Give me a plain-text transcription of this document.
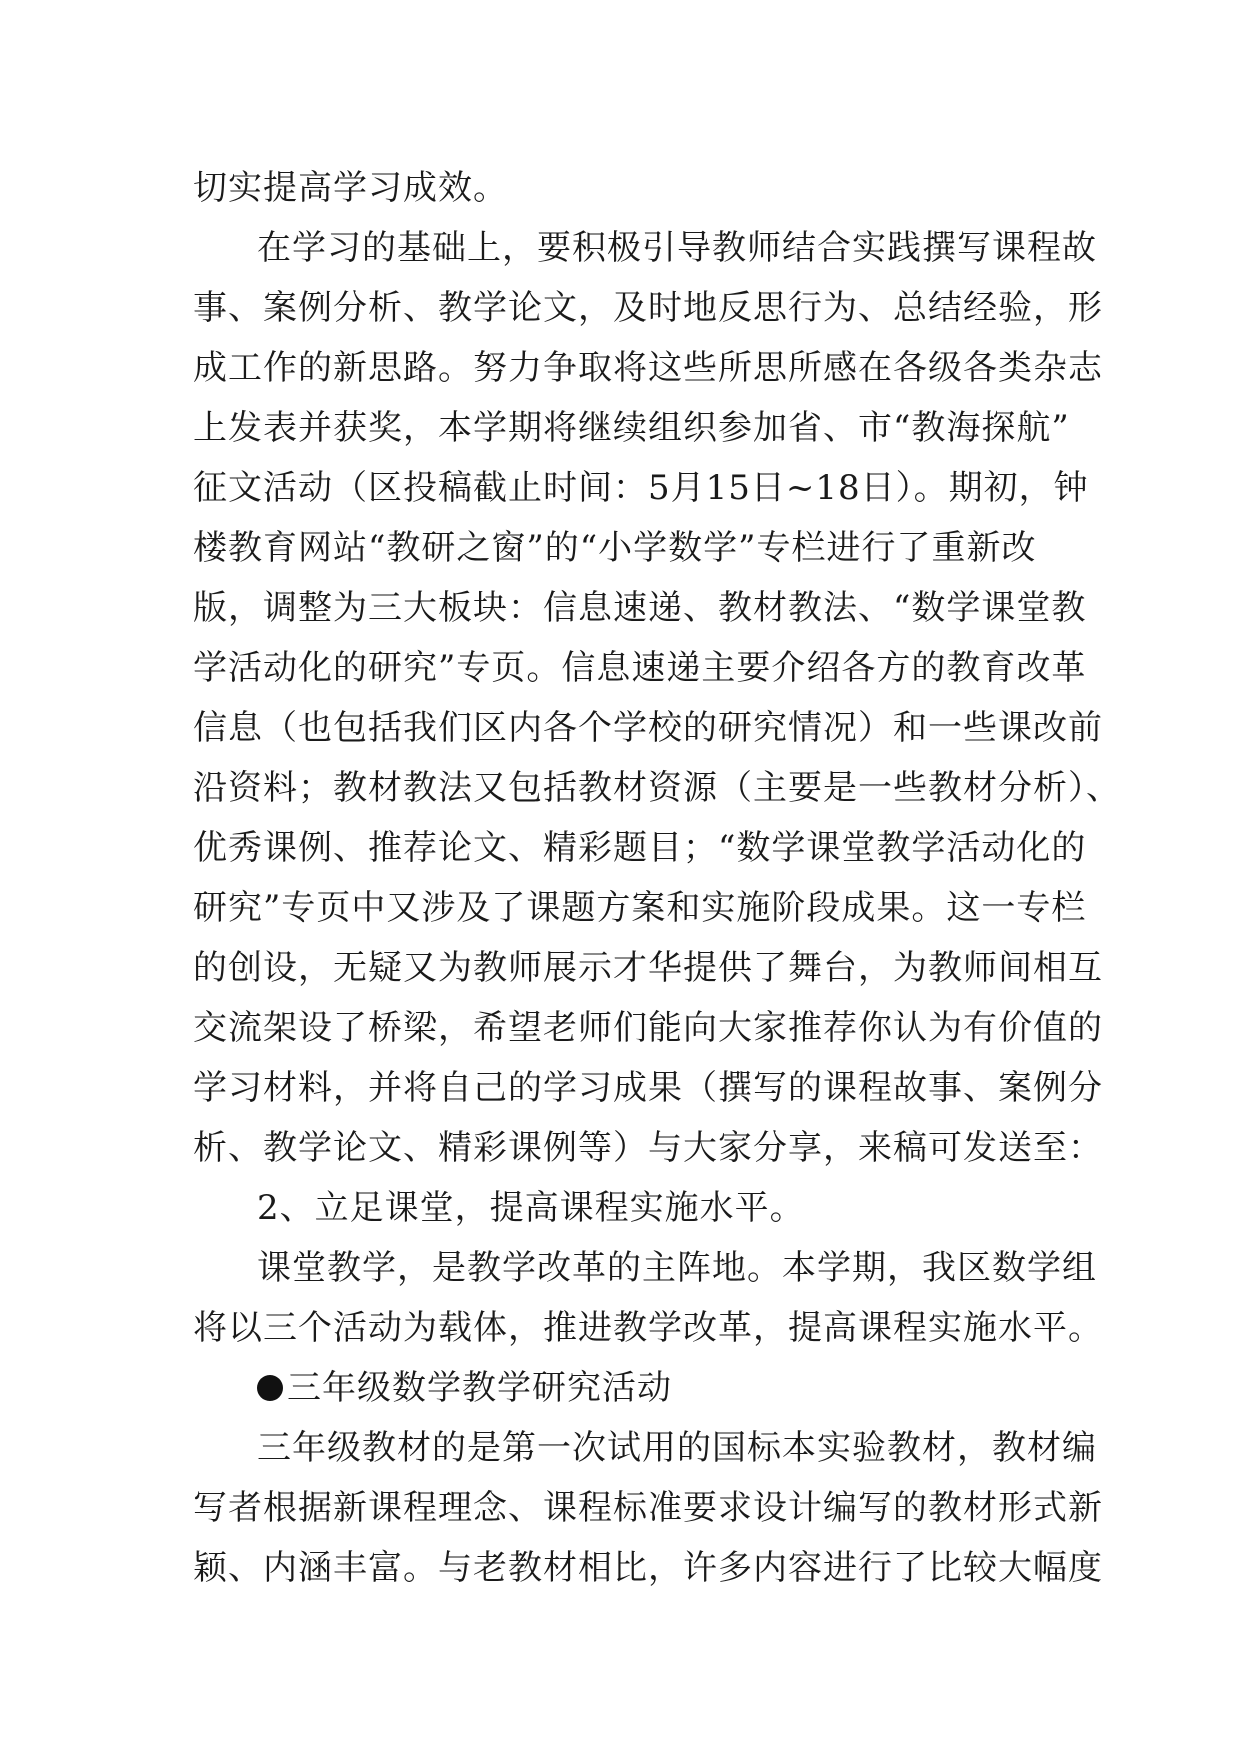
切实提高学习成效。
在学习的基础上，要积极引导教师结合实践撰写课程故
事、案例分析、教学论文，及时地反思行为、总结经验，形
成工作的新思路。努力争取将这些所思所感在各级各类杂志
上发表并获奖，本学期将继续组织参加省、市“教海探航”
征文活动（区投稿截止时间：5月15日~18日）。期初，钟
楼教育网站“教研之窗”的“小学数学”专栏进行了重新改
版，调整为三大板块：信息速递、教材教法、“数学课堂教
学活动化的研究”专页。信息速递主要介绍各方的教育改革
信息（也包括我们区内各个学校的研究情况）和一些课改前
沿资料；教材教法又包括教材资源（主要是一些教材分析）、
优秀课例、推荐论文、精彩题目；“数学课堂教学活动化的
研究”专页中又涉及了课题方案和实施阶段成果。这一专栏
的创设，无疑又为教师展示才华提供了舞台，为教师间相互
交流架设了桥梁，希望老师们能向大家推荐你认为有价值的
学习材料，并将自己的学习成果（撰写的课程故事、案例分
析、教学论文、精彩课例等）与大家分享，来稿可发送至：
2、立足课堂，提高课程实施水平。
课堂教学，是教学改革的主阵地。本学期，我区数学组
将以三个活动为载体，推进教学改革，提高课程实施水平。
三年级数学教学研究活动
三年级教材的是第一次试用的国标本实验教材，教材编
写者根据新课程理念、课程标准要求设计编写的教材形式新
颖、内涵丰富。与老教材相比，许多内容进行了比较大幅度
